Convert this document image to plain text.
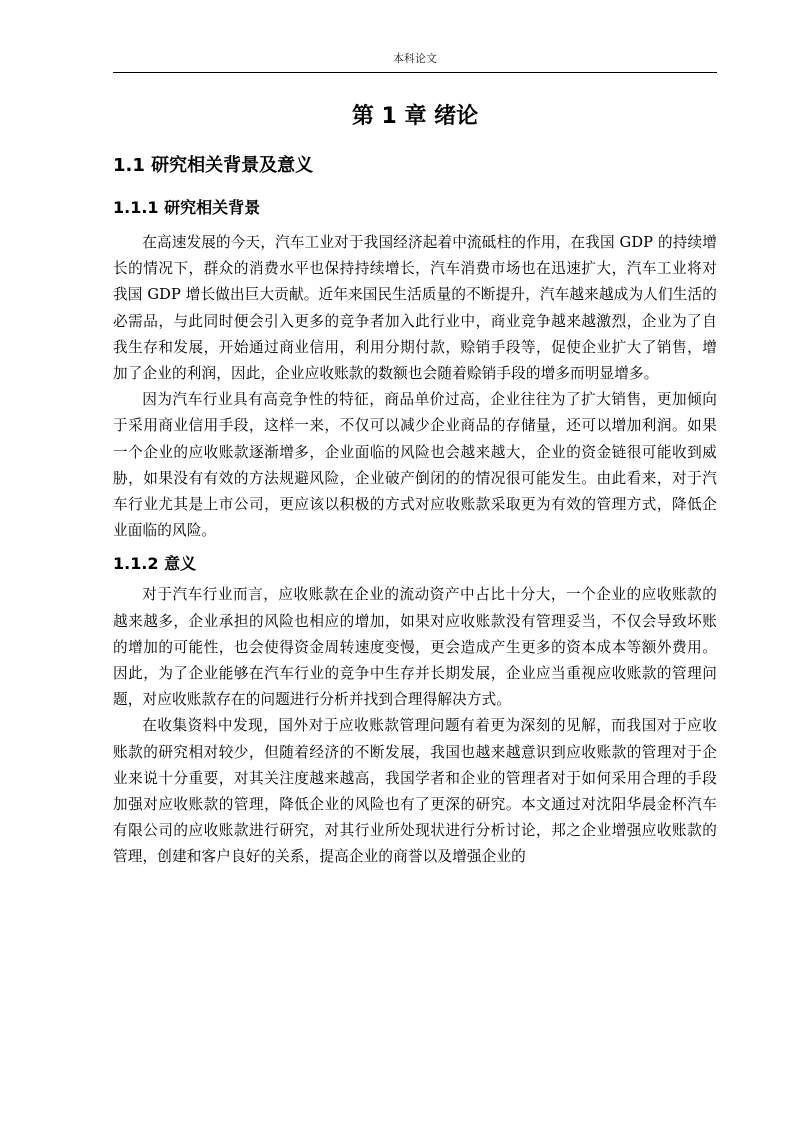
本科论文
第 1 章 绪论
1.1 研究相关背景及意义
1.1.1 研究相关背景

在高速发展的今天，汽车工业对于我国经济起着中流砥柱的作用，在我国 GDP 的持续增长的情况下，群众的消费水平也保持持续增长，汽车消费市场也在迅速扩大，汽车工业将对我国 GDP 增长做出巨大贡献。近年来国民生活质量的不断提升，汽车越来越成为人们生活的必需品，与此同时便会引入更多的竞争者加入此行业中，商业竞争越来越激烈，企业为了自我生存和发展，开始通过商业信用，利用分期付款，赊销手段等，促使企业扩大了销售，增加了企业的利润，因此，企业应收账款的数额也会随着赊销手段的增多而明显增多。

因为汽车行业具有高竞争性的特征，商品单价过高，企业往往为了扩大销售，更加倾向于采用商业信用手段，这样一来，不仅可以减少企业商品的存储量，还可以增加利润。如果一个企业的应收账款逐渐增多，企业面临的风险也会越来越大，企业的资金链很可能收到威胁，如果没有有效的方法规避风险，企业破产倒闭的的情况很可能发生。由此看来，对于汽车行业尤其是上市公司，更应该以积极的方式对应收账款采取更为有效的管理方式，降低企业面临的风险。

1.1.2 意义

对于汽车行业而言，应收账款在企业的流动资产中占比十分大，一个企业的应收账款的越来越多，企业承担的风险也相应的增加，如果对应收账款没有管理妥当，不仅会导致坏账的增加的可能性，也会使得资金周转速度变慢，更会造成产生更多的资本成本等额外费用。因此，为了企业能够在汽车行业的竞争中生存并长期发展，企业应当重视应收账款的管理问题，对应收账款存在的问题进行分析并找到合理得解决方式。

在收集资料中发现，国外对于应收账款管理问题有着更为深刻的见解，而我国对于应收账款的研究相对较少，但随着经济的不断发展，我国也越来越意识到应收账款的管理对于企业来说十分重要，对其关注度越来越高，我国学者和企业的管理者对于如何采用合理的手段加强对应收账款的管理，降低企业的风险也有了更深的研究。本文通过对沈阳华晨金杯汽车有限公司的应收账款进行研究，对其行业所处现状进行分析讨论，邦之企业增强应收账款的管理，创建和客户良好的关系，提高企业的商誉以及增强企业的
